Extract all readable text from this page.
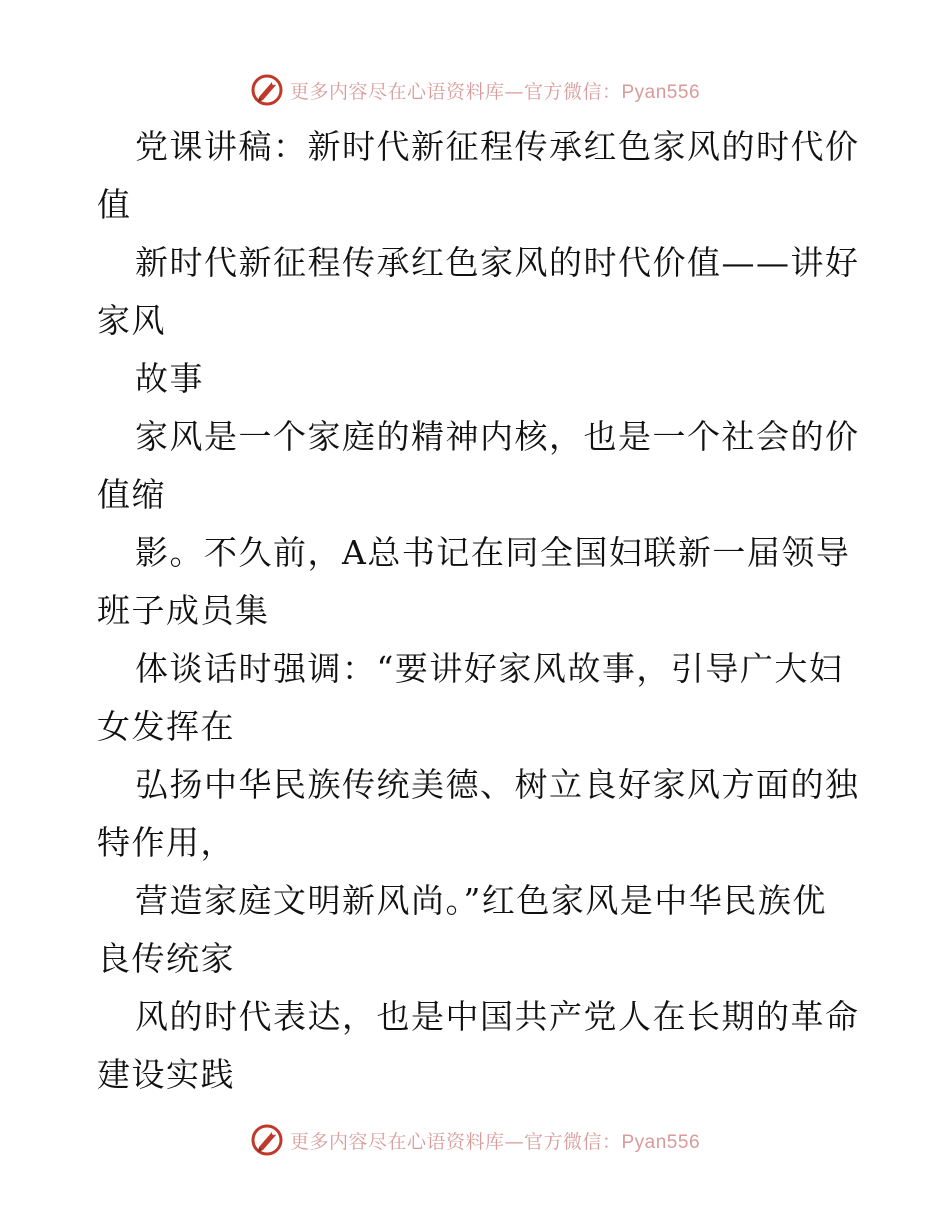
更多内容尽在心语资料库—官方微信：Pyan556
党课讲稿：新时代新征程传承红色家风的时代价
值
新时代新征程传承红色家风的时代价值——讲好
家风
故事
家风是一个家庭的精神内核，也是一个社会的价
值缩
影。不久前，A总书记在同全国妇联新一届领导
班子成员集
体谈话时强调：“要讲好家风故事，引导广大妇
女发挥在
弘扬中华民族传统美德、树立良好家风方面的独
特作用，
营造家庭文明新风尚。”红色家风是中华民族优
良传统家
风的时代表达，也是中国共产党人在长期的革命
建设实践
更多内容尽在心语资料库—官方微信：Pyan556
